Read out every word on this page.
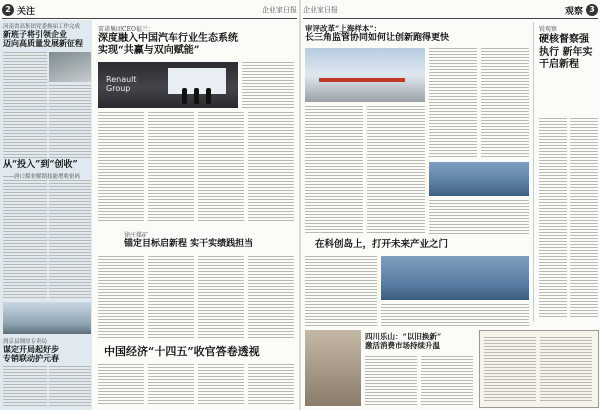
2 关注	企业家日报
河南省高集团党委换届工作完成
新班子将引领企业
迈向高质量发展新征程
从“投入”到“创收”
——唐口煤业解锁技能增收密码
润京县钢厚专卖局
谋定开局起好步
专销联动护元春
雷诺集团CEO福兰：
深度融入中国汽车行业生态系统
实现“共赢与双向赋能”
Renault
Group
徐庄煤矿
锚定目标启新程 实干实绩践担当
中国经济“十四五”收官答卷透视
3
观察
企业家日报
审评改革“上海样本”：
长三角监管协同如何让创新跑得更快
锐观察
硬核督察强执行 新年实干启新程
在科创岛上，打开未来产业之门
四川乐山：“以旧换新”
激活消费市场持续升温
